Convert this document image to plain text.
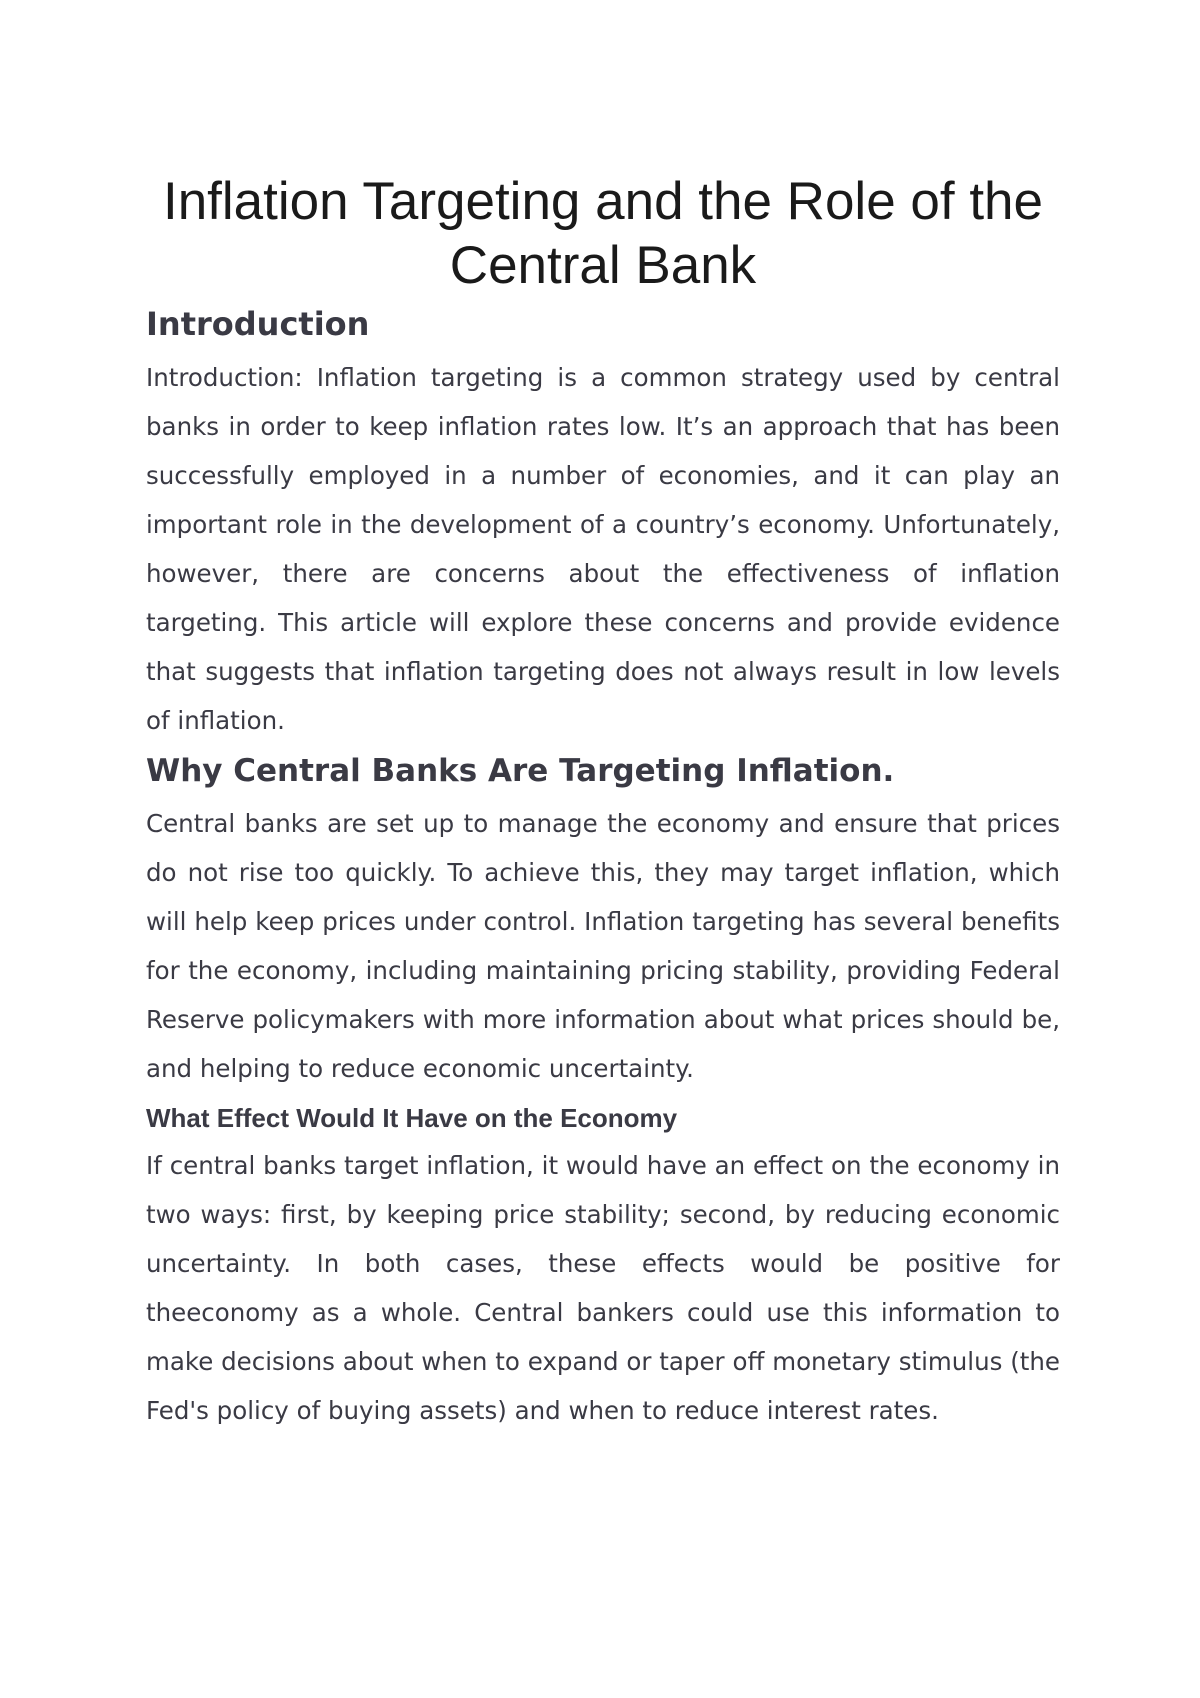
Inflation Targeting and the Role of the Central Bank
Introduction

Introduction: Inflation targeting is a common strategy used by central banks in order to keep inflation rates low. It’s an approach that has been successfully employed in a number of economies, and it can play an important role in the development of a country’s economy. Unfortunately, however, there are concerns about the effectiveness of inflation targeting. This article will explore these concerns and provide evidence that suggests that inflation targeting does not always result in low levels of inflation.

Why Central Banks Are Targeting Inflation.

Central banks are set up to manage the economy and ensure that prices do not rise too quickly. To achieve this, they may target inflation, which will help keep prices under control. Inflation targeting has several benefits for the economy, including maintaining pricing stability, providing Federal Reserve policymakers with more information about what prices should be, and helping to reduce economic uncertainty.

What Effect Would It Have on the Economy

If central banks target inflation, it would have an effect on the economy in two ways: first, by keeping price stability; second, by reducing economic uncertainty. In both cases, these effects would be positive for theeconomy as a whole. Central bankers could use this information to make decisions about when to expand or taper off monetary stimulus (the Fed's policy of buying assets) and when to reduce interest rates.
